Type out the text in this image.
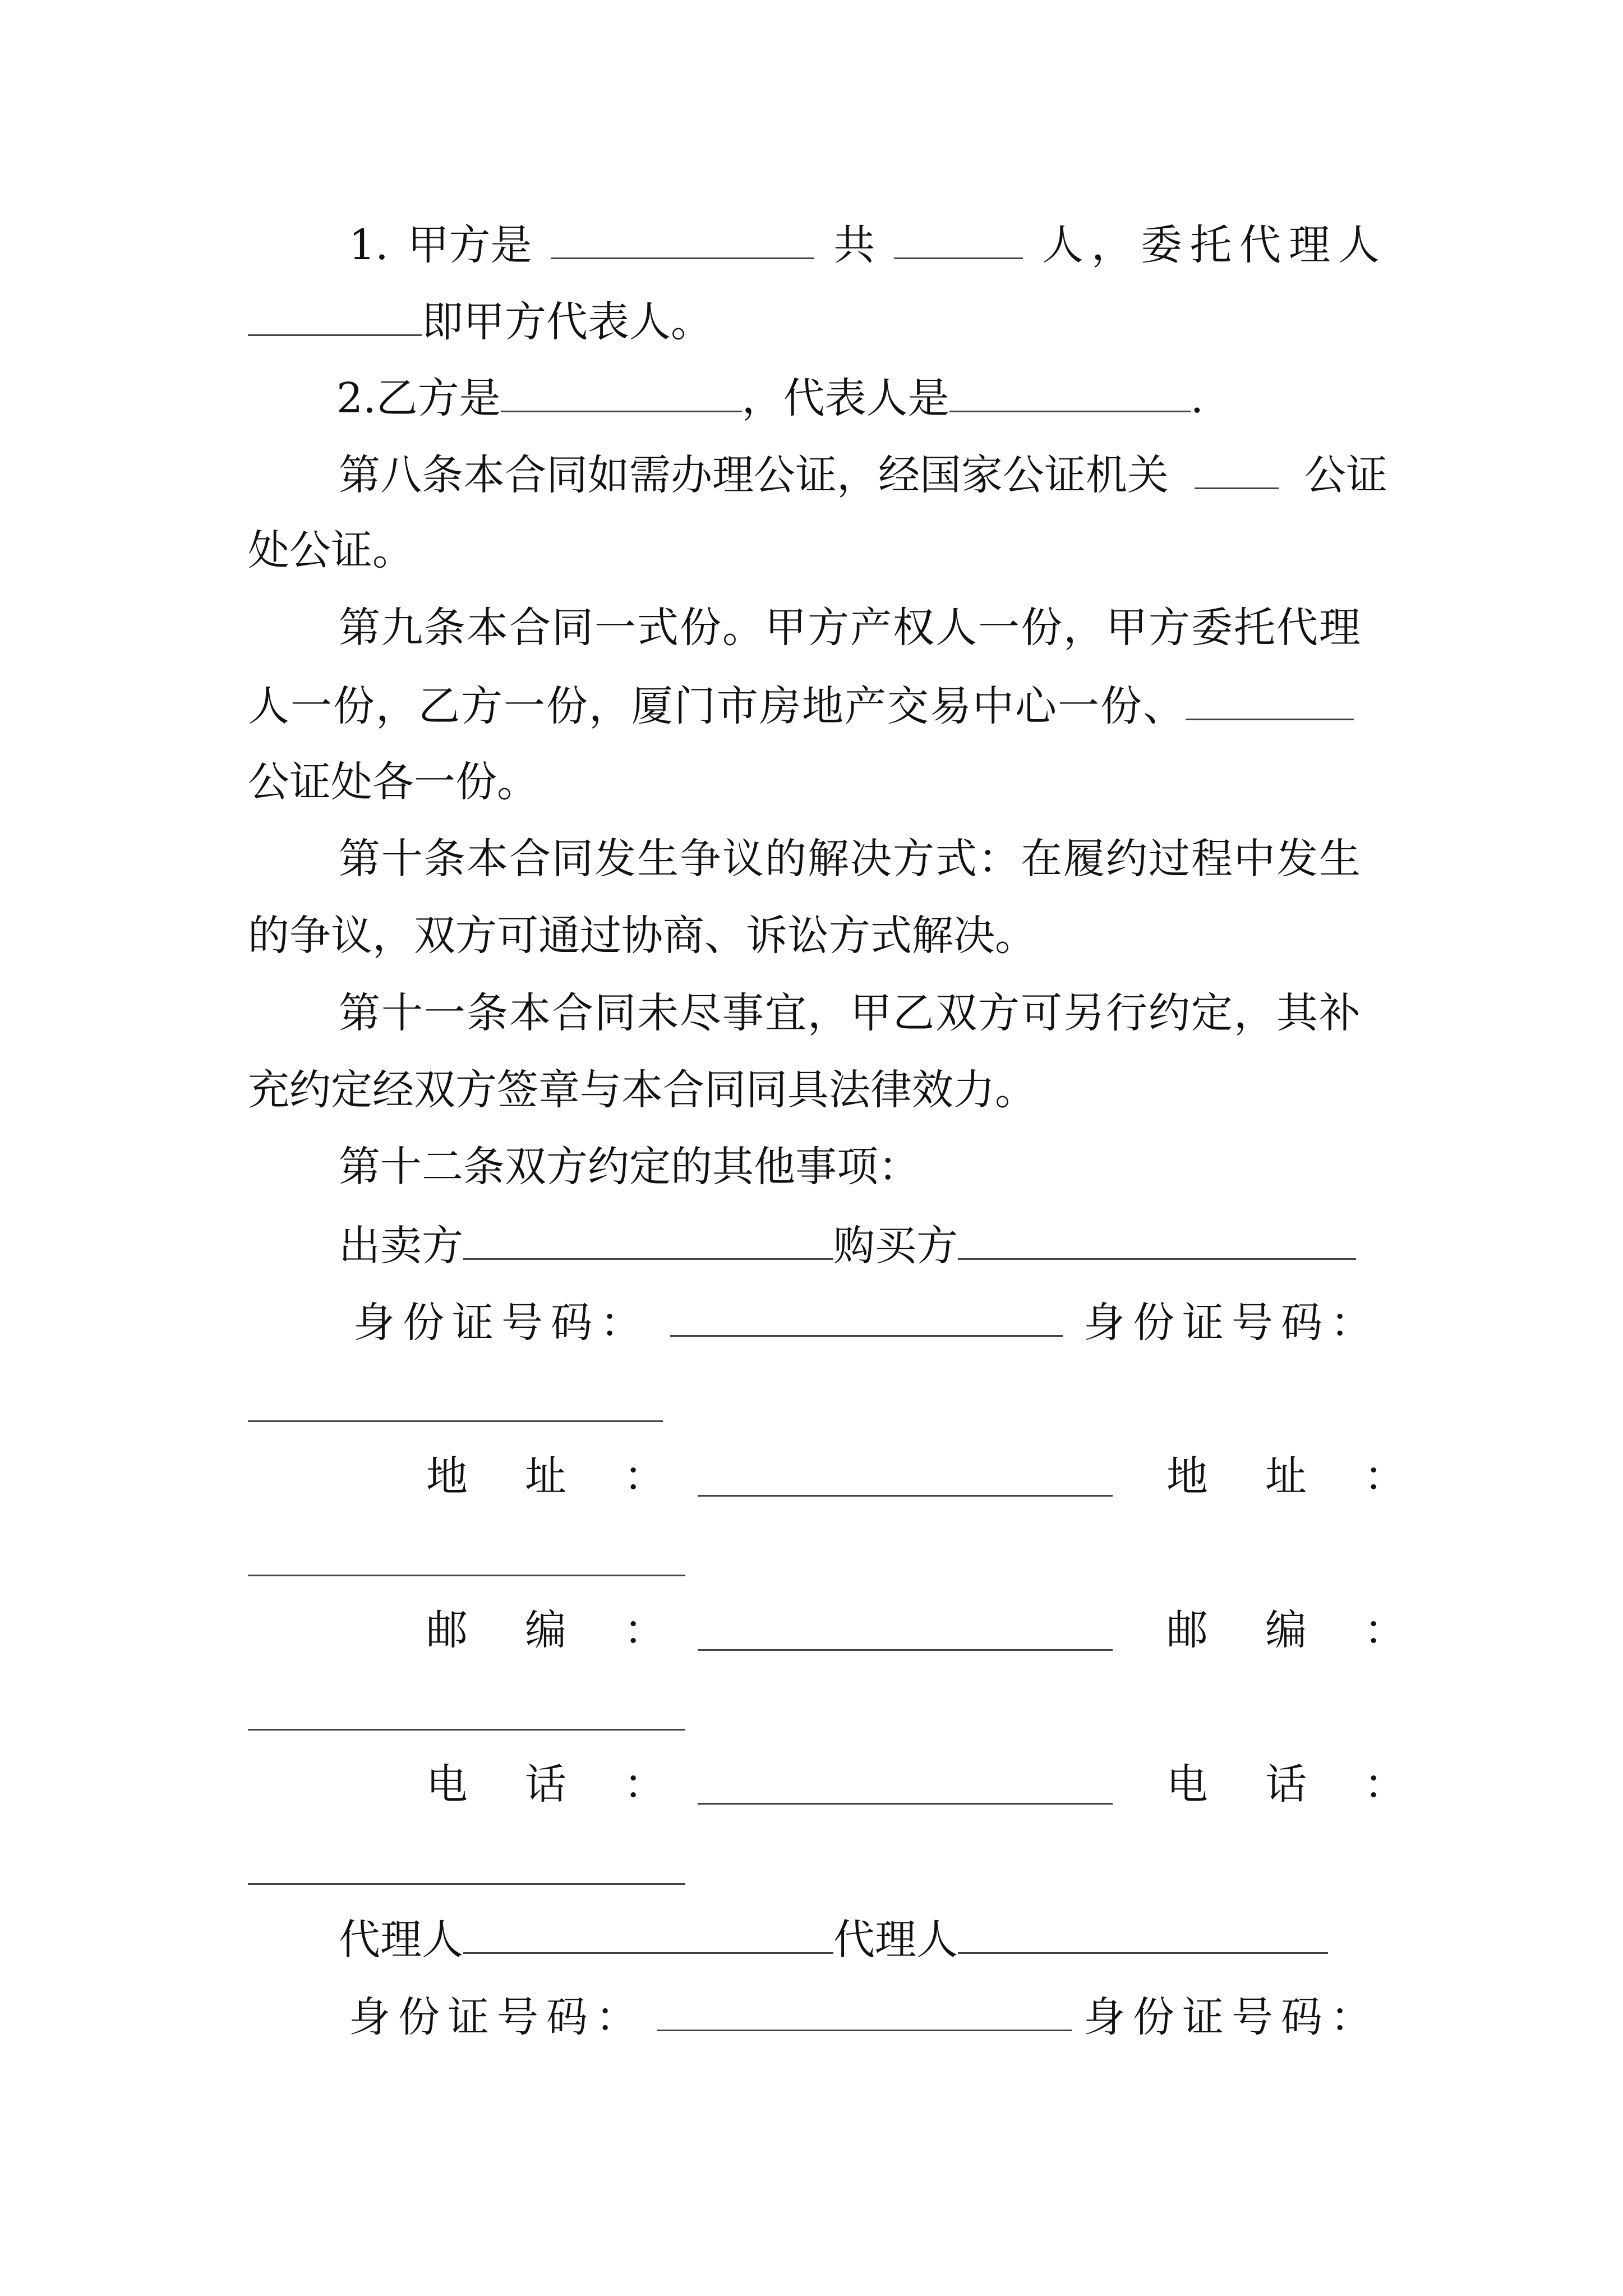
1. 甲方是	共	人，委托代理人
即甲方代表人。
2.乙方是	，代表人是	.
第八条本合同如需办理公证，经国家公证机关	公证
处公证。
第九条本合同一式份。甲方产权人一份，甲方委托代理
人一份，乙方一份，厦门市房地产交易中心一份、
公证处各一份。
第十条本合同发生争议的解决方式：在履约过程中发生
的争议，双方可通过协商、诉讼方式解决。
第十一条本合同未尽事宜，甲乙双方可另行约定，其补
充约定经双方签章与本合同同具法律效力。
第十二条双方约定的其他事项：
出卖方	购买方
身份证号码：	身份证号码：
地　址　：	地　址　：
邮　编　：	邮　编　：
电　话　：	电　话　：
代理人	代理人
身份证号码：	身份证号码：
